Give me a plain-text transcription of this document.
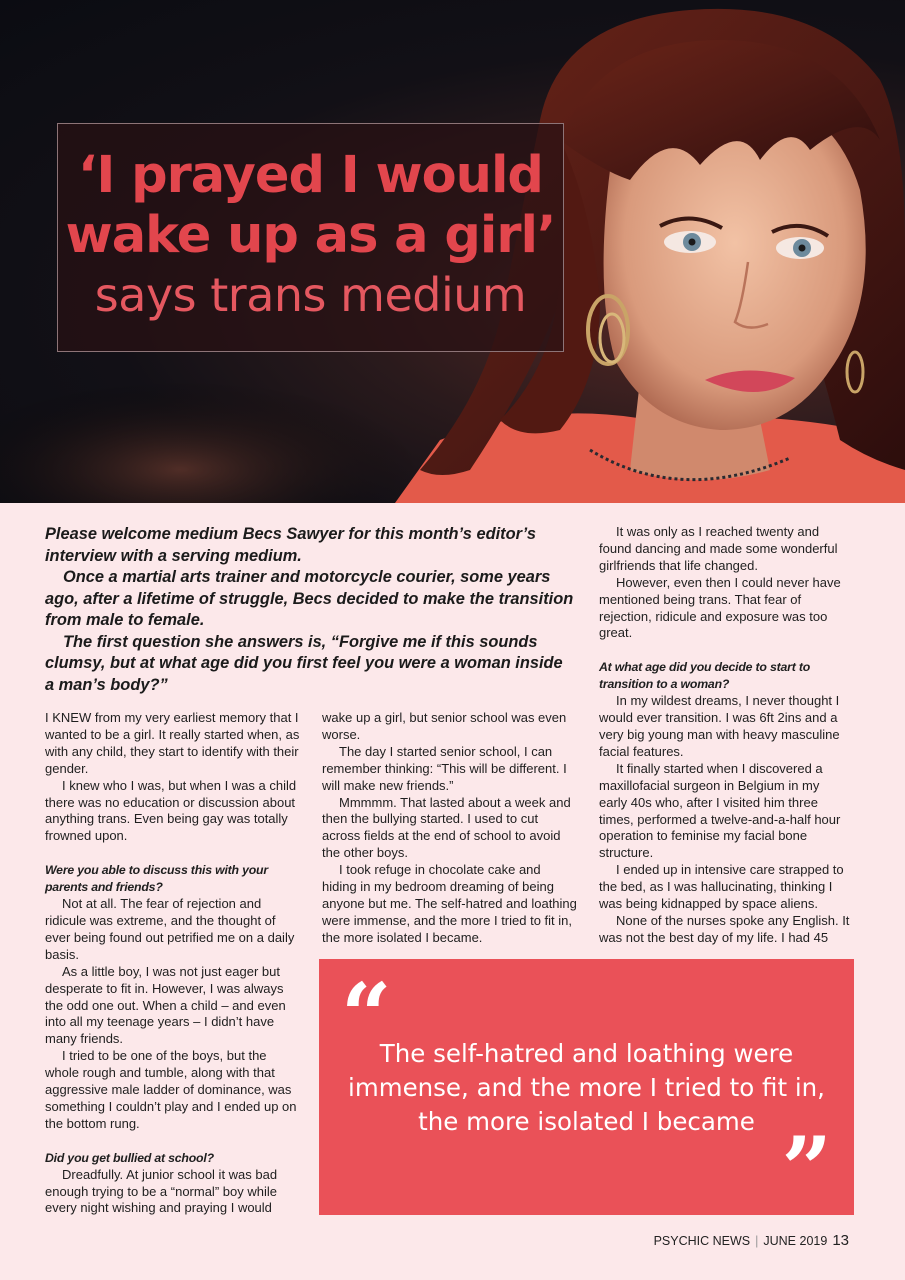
‘I prayed I would
wake up as a girl’
says trans medium

Please welcome medium Becs Sawyer for this month’s editor’s interview with a serving medium.

Once a martial arts trainer and motorcycle courier, some years ago, after a lifetime of struggle, Becs decided to make the transition from male to female.

The first question she answers is, “Forgive me if this sounds clumsy, but at what age did you first feel you were a woman inside a man’s body?”

I KNEW from my very earliest memory that I wanted to be a girl. It really started when, as with any child, they start to identify with their gender.

I knew who I was, but when I was a child there was no education or discussion about anything trans. Even being gay was totally frowned upon.

Were you able to discuss this with your parents and friends?

Not at all. The fear of rejection and ridicule was extreme, and the thought of ever being found out petrified me on a daily basis.

As a little boy, I was not just eager but desperate to fit in. However, I was always the odd one out. When a child – and even into all my teenage years – I didn’t have many friends.

I tried to be one of the boys, but the whole rough and tumble, along with that aggressive male ladder of dominance, was something I couldn’t play and I ended up on the bottom rung.

Did you get bullied at school?

Dreadfully. At junior school it was bad enough trying to be a “normal” boy while every night wishing and praying I would

wake up a girl, but senior school was even worse.

The day I started senior school, I can remember thinking: “This will be different. I will make new friends.”

Mmmmm. That lasted about a week and then the bullying started. I used to cut across fields at the end of school to avoid the other boys.

I took refuge in chocolate cake and hiding in my bedroom dreaming of being anyone but me. The self-hatred and loathing were immense, and the more I tried to fit in, the more isolated I became.

It was only as I reached twenty and found dancing and made some wonderful girlfriends that life changed.

However, even then I could never have mentioned being trans. That fear of rejection, ridicule and exposure was too great.

At what age did you decide to start to transition to a woman?

In my wildest dreams, I never thought I would ever transition. I was 6ft 2ins and a very big young man with heavy masculine facial features.

It finally started when I discovered a maxillofacial surgeon in Belgium in my early 40s who, after I visited him three times, performed a twelve-and-a-half hour operation to feminise my facial bone structure.

I ended up in intensive care strapped to the bed, as I was hallucinating, thinking I was being kidnapped by space aliens.

None of the nurses spoke any English. It was not the best day of my life. I had 45

“
The self-hatred and loathing were immense, and the more I tried to fit in, the more isolated I became ”
PSYCHIC NEWS | JUNE 2019 13
